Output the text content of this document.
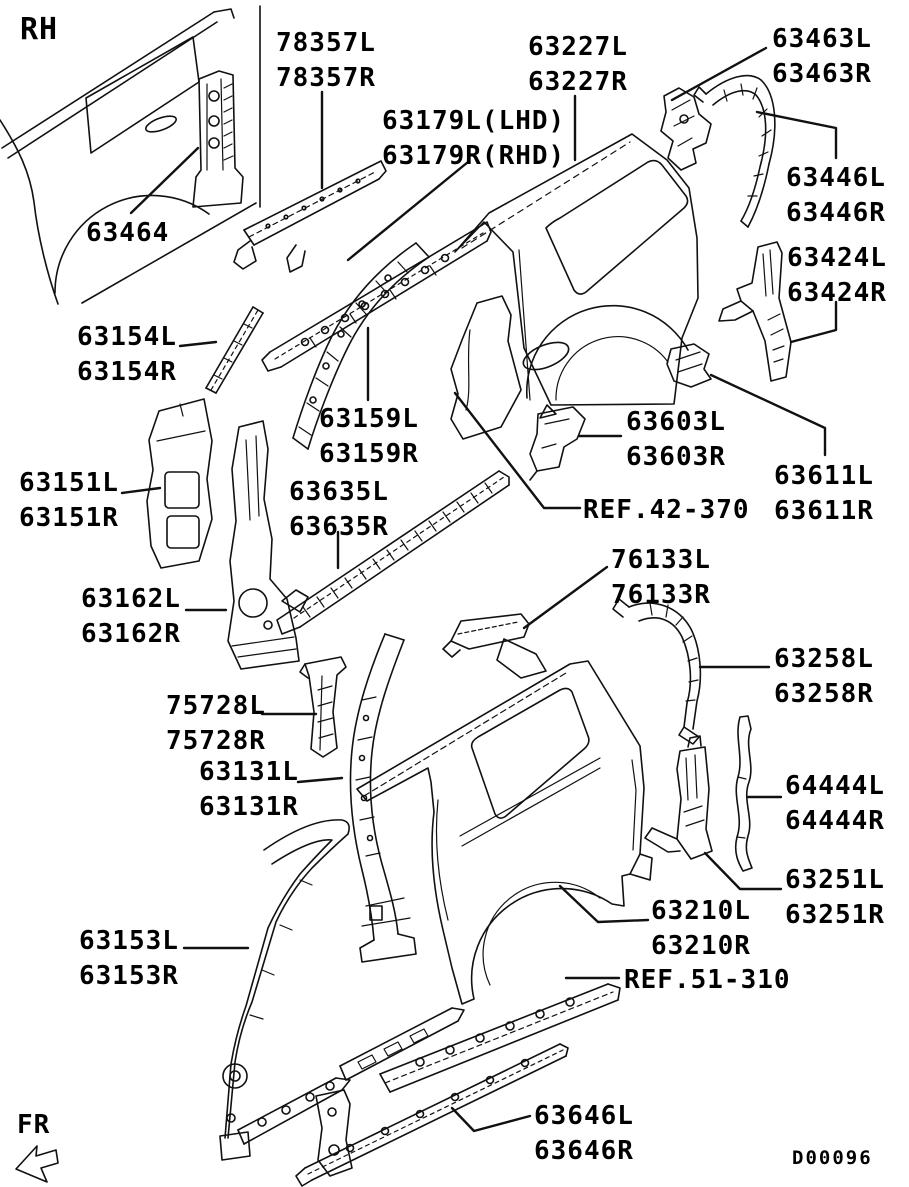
RH
63464
78357L
78357R
63227L
63227R
63463L
63463R
63179L(LHD)
63179R(RHD)
63446L
63446R
63424L
63424R
63154L
63154R
63159L
63159R
63151L
63151R
63635L
63635R
63603L
63603R
63611L
63611R
REF.42-370
63162L
63162R
76133L
76133R
63258L
63258R
75728L
75728R
63131L
63131R
64444L
64444R
63251L
63251R
63210L
63210R
63153L
63153R	REF.51-310
63646L
63646R
FR
D00096
